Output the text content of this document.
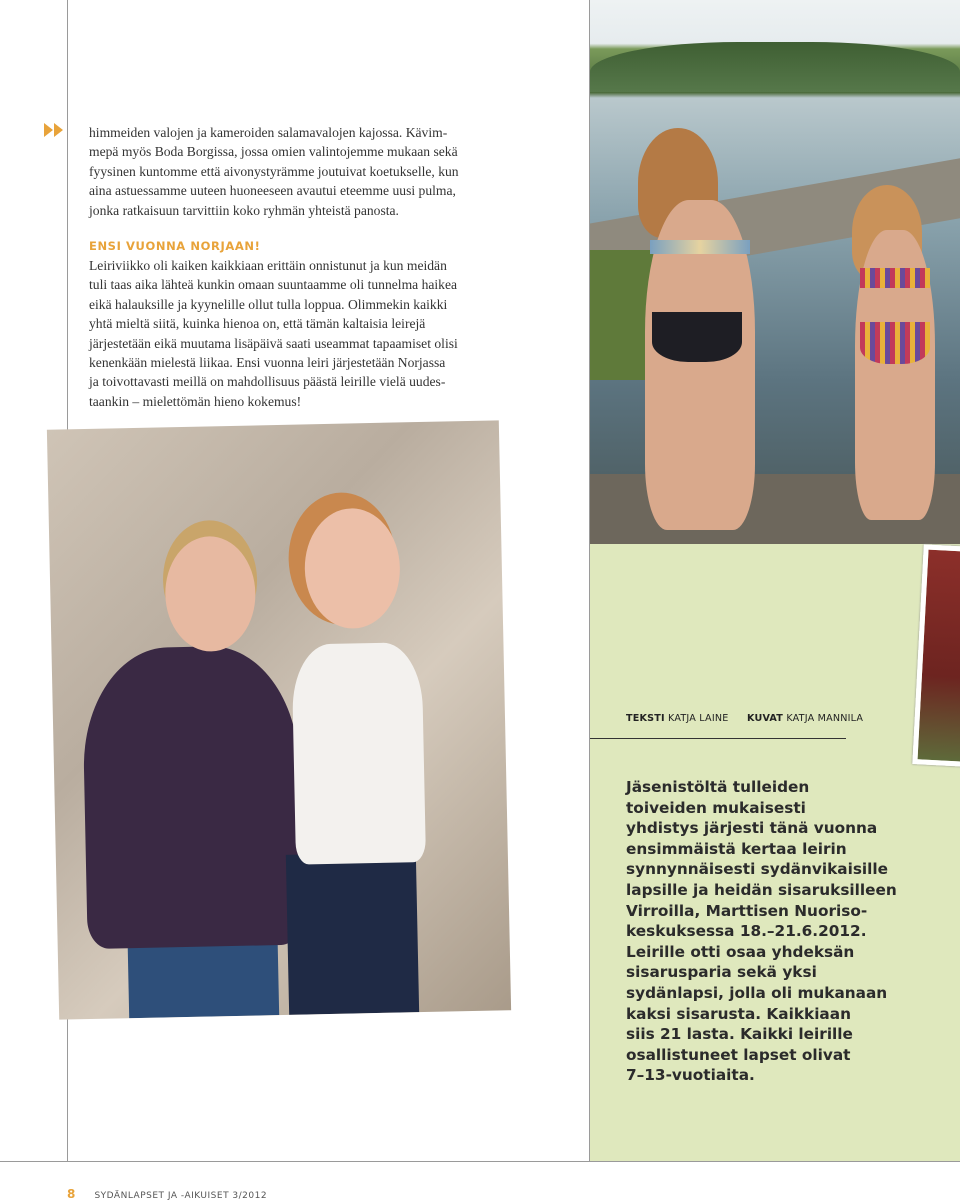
himmeiden valojen ja kameroiden salamavalojen kajossa. Kävim-
mepä myös Boda Borgissa, jossa omien valintojemme mukaan sekä
fyysinen kuntomme että aivonystyrämme joutuivat koetukselle, kun
aina astuessamme uuteen huoneeseen avautui eteemme uusi pulma,
jonka ratkaisuun tarvittiin koko ryhmän yhteistä panosta.

ENSI VUONNA NORJAAN!

Leiriviikko oli kaiken kaikkiaan erittäin onnistunut ja kun meidän
tuli taas aika lähteä kunkin omaan suuntaamme oli tunnelma haikea
eikä halauksille ja kyynelille ollut tulla loppua. Olimmekin kaikki
yhtä mieltä siitä, kuinka hienoa on, että tämän kaltaisia leirejä
järjestetään eikä muutama lisäpäivä saati useammat tapaamiset olisi
kenenkään mielestä liikaa. Ensi vuonna leiri järjestetään Norjassa
ja toivottavasti meillä on mahdollisuus päästä leirille vielä uudes-
taankin – mielettömän hieno kokemus!

TEKSTI KATJA LAINE KUVAT KATJA MANNILA

Jäsenistöltä tulleiden
toiveiden mukaisesti
yhdistys järjesti tänä vuonna
ensimmäistä kertaa leirin
synnynnäisesti sydänvikaisille
lapsille ja heidän sisaruksilleen
Virroilla, Marttisen Nuoriso-
keskuksessa 18.–21.6.2012.
Leirille otti osaa yhdeksän
sisarusparia sekä yksi
sydänlapsi, jolla oli mukanaan
kaksi sisarusta. Kaikkiaan
siis 21 lasta. Kaikki leirille
osallistuneet lapset olivat
7–13-vuotiaita.

8 SYDÄNLAPSET JA -AIKUISET 3/2012
